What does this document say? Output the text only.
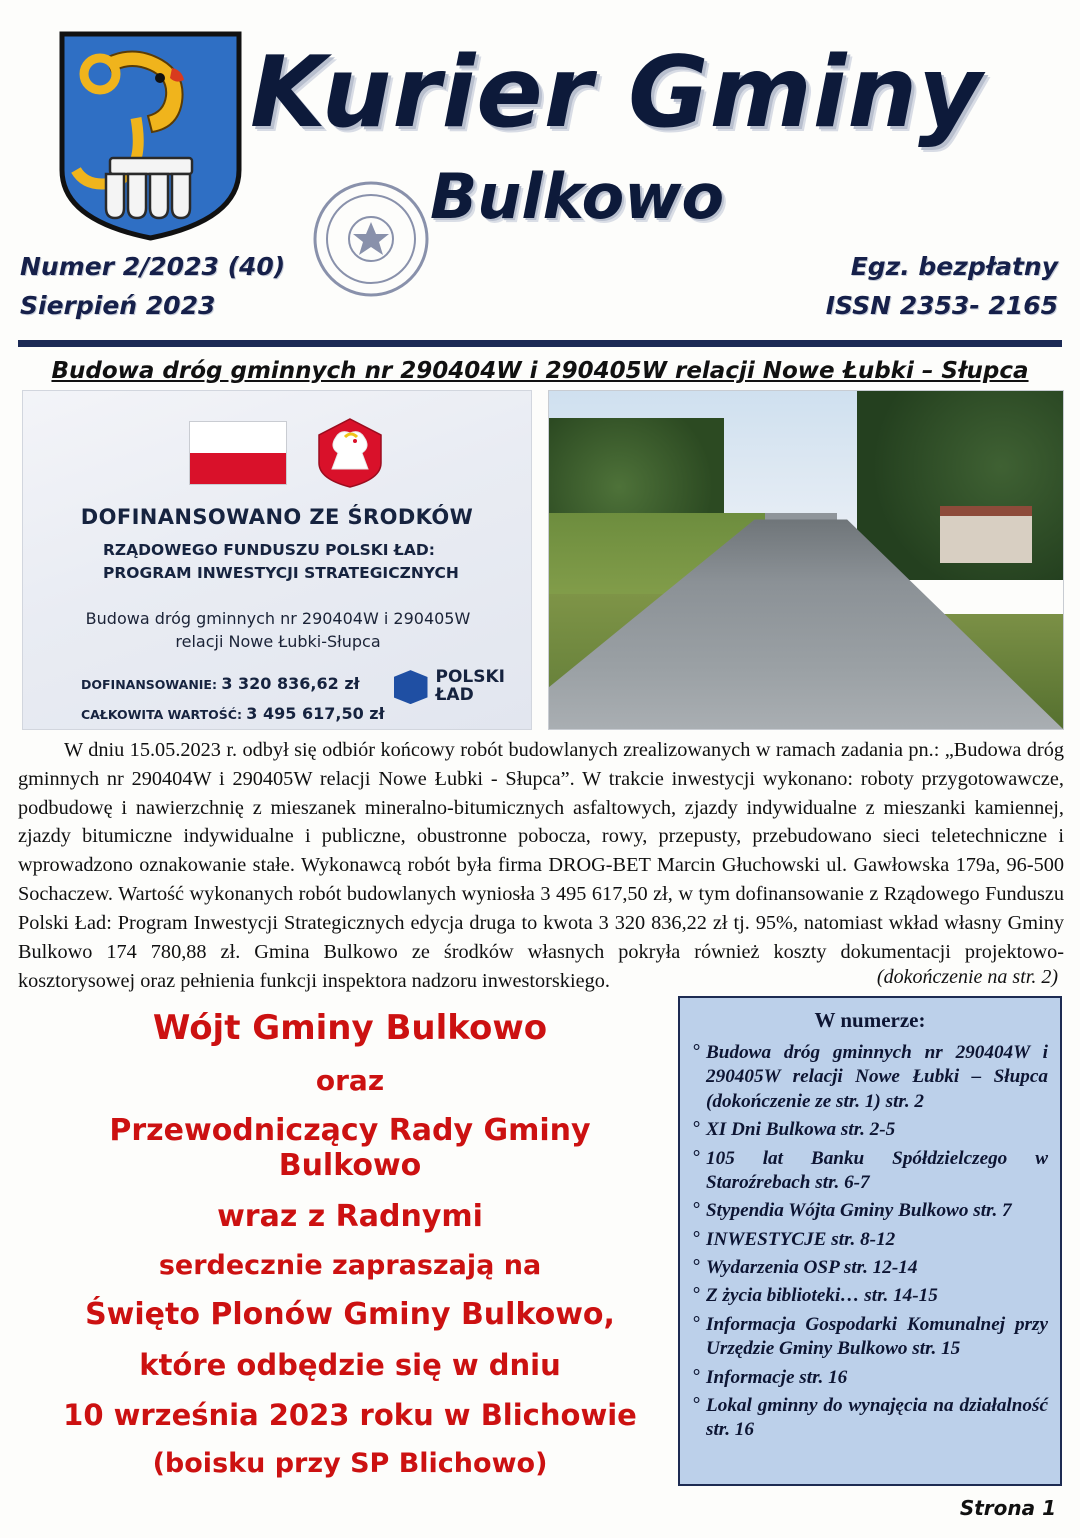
Kurier Gminy
Bulkowo
Numer 2/2023 (40)
Sierpień 2023
Egz. bezpłatny
ISSN 2353- 2165
Budowa dróg gminnych nr 290404W i 290405W relacji Nowe Łubki – Słupca
DOFINANSOWANO ZE ŚRODKÓW
RZĄDOWEGO FUNDUSZU POLSKI ŁAD:
PROGRAM INWESTYCJI STRATEGICZNYCH
Budowa dróg gminnych nr 290404W i 290405W
relacji Nowe Łubki-Słupca
DOFINANSOWANIE: 3 320 836,62 zł
CAŁKOWITA WARTOŚĆ: 3 495 617,50 zł
POLSKI
ŁAD
W dniu 15.05.2023 r. odbył się odbiór końcowy robót budowlanych zrealizowanych w ramach zadania pn.: „Budowa dróg gminnych nr 290404W i 290405W relacji Nowe Łubki - Słupca”. W trakcie inwestycji wykonano: roboty przygotowawcze, podbudowę i nawierzchnię z mieszanek mineralno-bitumicznych asfaltowych, zjazdy indywidualne z mieszanki kamiennej, zjazdy bitumiczne indywidualne i publiczne, obustronne pobocza, rowy, przepusty, przebudowano sieci teletechniczne i wprowadzono oznakowanie stałe. Wykonawcą robót była firma DROG-BET Marcin Głuchowski ul. Gawłowska 179a, 96-500 Sochaczew. Wartość wykonanych robót budowlanych wyniosła 3 495 617,50 zł, w tym dofinansowanie z Rządowego Funduszu Polski Ład: Program Inwestycji Strategicznych edycja druga to kwota 3 320 836,22 zł tj. 95%, natomiast wkład własny Gminy Bulkowo 174 780,88 zł. Gmina Bulkowo ze środków własnych pokryła również koszty dokumentacji projektowo-kosztorysowej oraz pełnienia funkcji inspektora nadzoru inwestorskiego.	(dokończenie na str. 2)
Wójt Gminy Bulkowo
oraz
Przewodniczący Rady Gminy Bulkowo
wraz z Radnymi
serdecznie zapraszają na
Święto Plonów Gminy Bulkowo,
które odbędzie się w dniu
10 września 2023 roku w Blichowie
(boisku przy SP Blichowo)
W numerze:
° Budowa dróg gminnych nr 290404W i 290405W relacji Nowe Łubki – Słupca (dokończenie ze str. 1) str. 2
° XI Dni Bulkowa str. 2-5
° 105 lat Banku Spółdzielczego w Staroźrebach str. 6-7
° Stypendia Wójta Gminy Bulkowo str. 7
° INWESTYCJE str. 8-12
° Wydarzenia OSP str. 12-14
° Z życia biblioteki… str. 14-15
° Informacja Gospodarki Komunalnej przy Urzędzie Gminy Bulkowo str. 15
° Informacje str. 16
° Lokal gminny do wynajęcia na działalność str. 16
Strona 1
